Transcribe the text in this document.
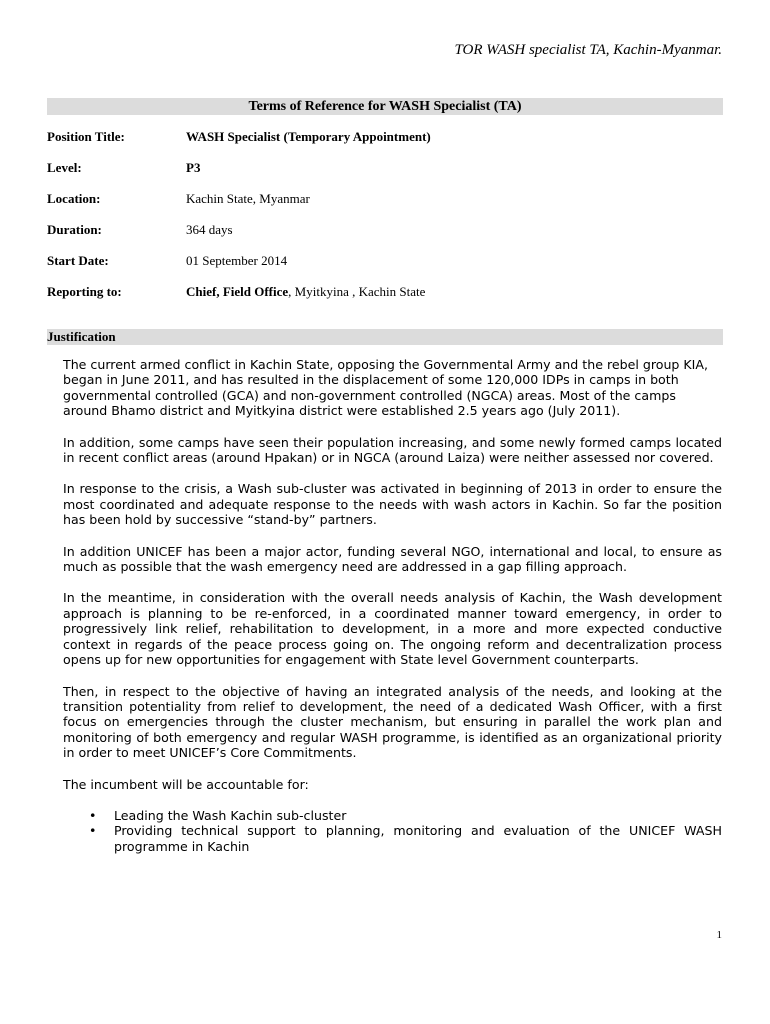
TOR WASH specialist TA, Kachin-Myanmar.
Terms of Reference for WASH Specialist (TA)
Position Title:	WASH Specialist (Temporary Appointment)
Level:	P3
Location:	Kachin State, Myanmar
Duration:	364 days
Start Date:	01 September 2014
Reporting to:	Chief, Field Office, Myitkyina , Kachin State
Justification

The current armed conflict in Kachin State, opposing the Governmental Army and the rebel group KIA, began in June 2011, and has resulted in the displacement of some 120,000 IDPs in camps in both governmental controlled (GCA) and non-government controlled (NGCA) areas. Most of the camps around Bhamo district and Myitkyina district were established 2.5 years ago (July 2011).

In addition, some camps have seen their population increasing, and some newly formed camps located in recent conflict areas (around Hpakan) or in NGCA (around Laiza) were neither assessed nor covered.

In response to the crisis, a Wash sub-cluster was activated in beginning of 2013 in order to ensure the most coordinated and adequate response to the needs with wash actors in Kachin. So far the position has been hold by successive “stand-by” partners.

In addition UNICEF has been a major actor, funding several NGO, international and local, to ensure as much as possible that the wash emergency need are addressed in a gap filling approach.

In the meantime, in consideration with the overall needs analysis of Kachin, the Wash development approach is planning to be re-enforced, in a coordinated manner toward emergency, in order to progressively link relief, rehabilitation to development, in a more and more expected conductive context in regards of the peace process going on. The ongoing reform and decentralization process opens up for new opportunities for engagement with State level Government counterparts.

Then, in respect to the objective of having an integrated analysis of the needs, and looking at the transition potentiality from relief to development, the need of a dedicated Wash Officer, with a first focus on emergencies through the cluster mechanism, but ensuring in parallel the work plan and monitoring of both emergency and regular WASH programme, is identified as an organizational priority in order to meet UNICEF’s Core Commitments.

The incumbent will be accountable for:

• Leading the Wash Kachin sub-cluster
• Providing technical support to planning, monitoring and evaluation of the UNICEF WASH programme in Kachin
1
